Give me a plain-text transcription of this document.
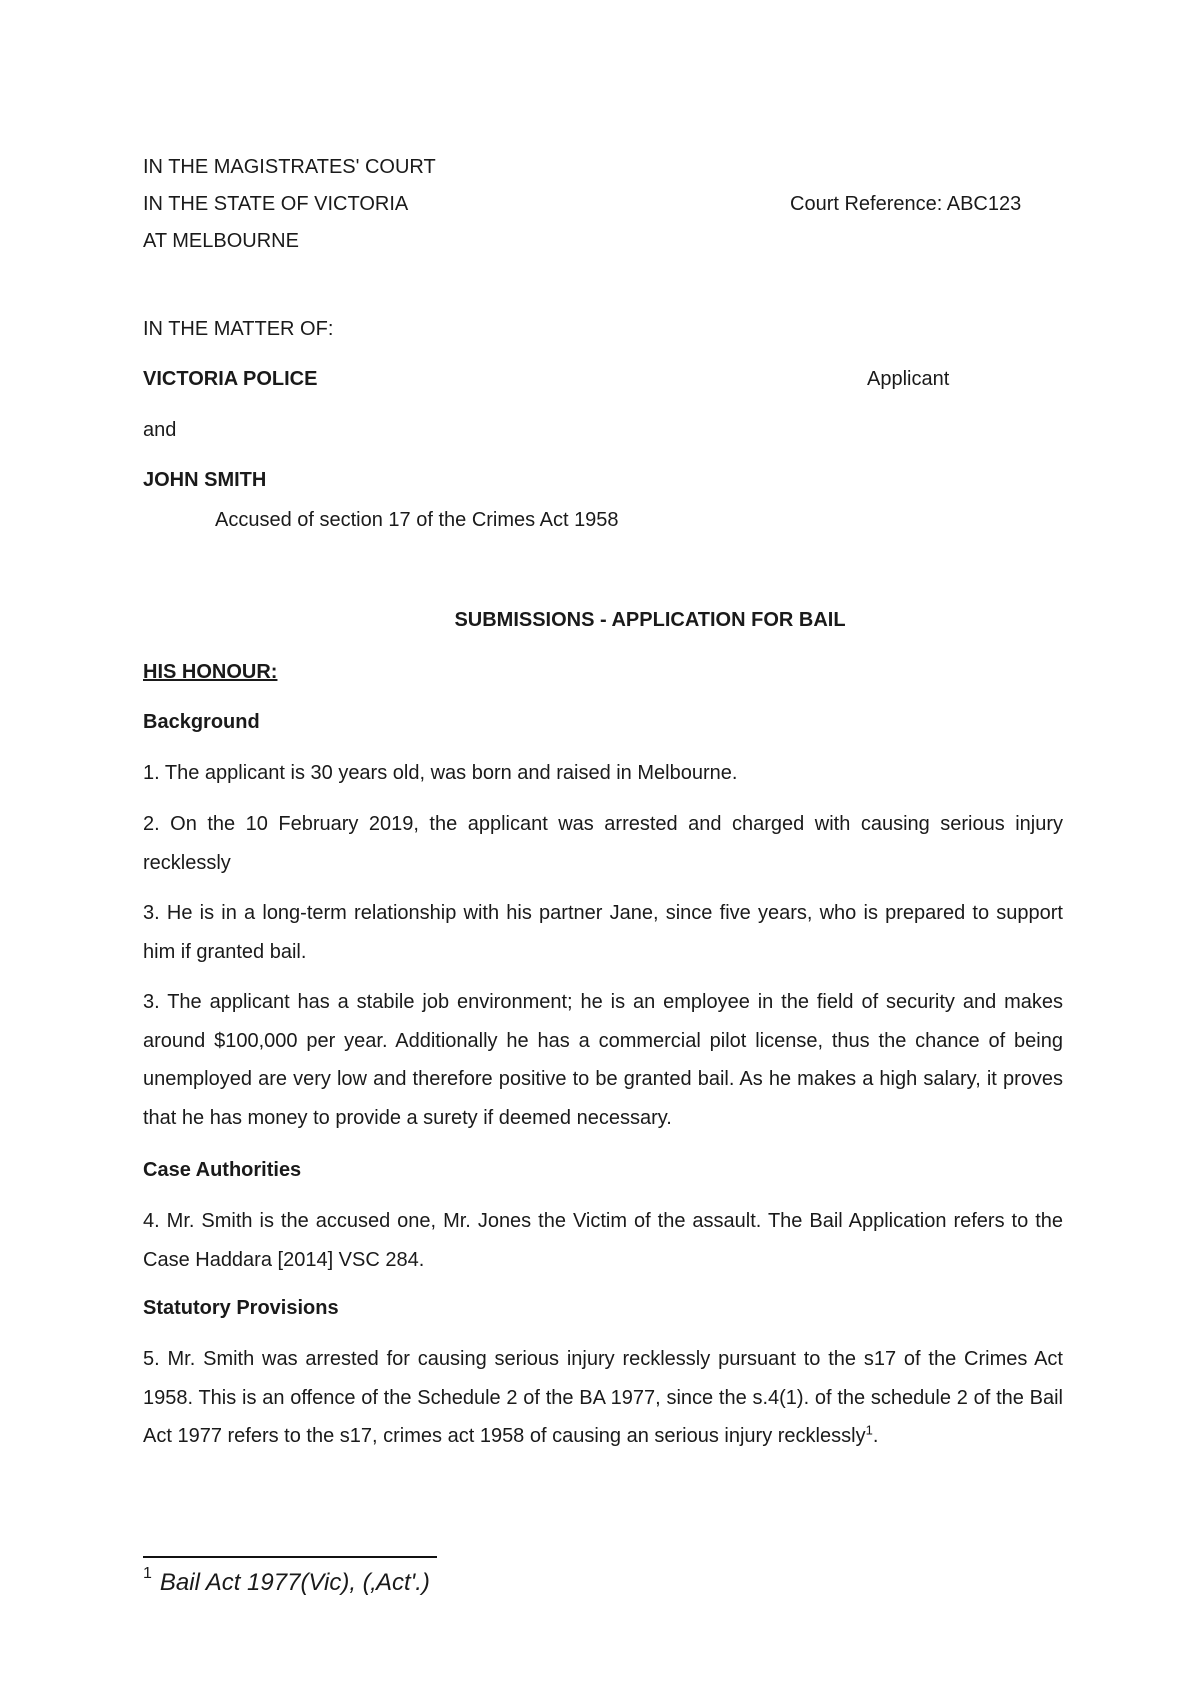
IN THE MAGISTRATES' COURT
IN THE STATE OF VICTORIA	Court Reference: ABC123
AT MELBOURNE
IN THE MATTER OF:
VICTORIA POLICE	Applicant
and
JOHN SMITH
Accused of section 17 of the Crimes Act 1958
SUBMISSIONS - APPLICATION FOR BAIL
HIS HONOUR:
Background
1. The applicant is 30 years old, was born and raised in Melbourne.
2. On the 10 February 2019, the applicant was arrested and charged with causing serious injury recklessly
3. He is in a long-term relationship with his partner Jane, since five years, who is prepared to support him if granted bail.
3. The applicant has a stabile job environment; he is an employee in the field of security and makes around $100,000 per year. Additionally he has a commercial pilot license, thus the chance of being unemployed are very low and therefore positive to be granted bail. As he makes a high salary, it proves that he has money to provide a surety if deemed necessary.
Case Authorities
4. Mr. Smith is the accused one, Mr. Jones the Victim of the assault. The Bail Application refers to the Case Haddara [2014] VSC 284.
Statutory Provisions
5. Mr. Smith was arrested for causing serious injury recklessly pursuant to the s17 of the Crimes Act 1958. This is an offence of the Schedule 2 of the BA 1977, since the s.4(1). of the schedule 2 of the Bail Act 1977 refers to the s17, crimes act 1958 of causing an serious injury recklessly$^1$.
$^1$ Bail Act 1977(Vic), (‚Act'.)
